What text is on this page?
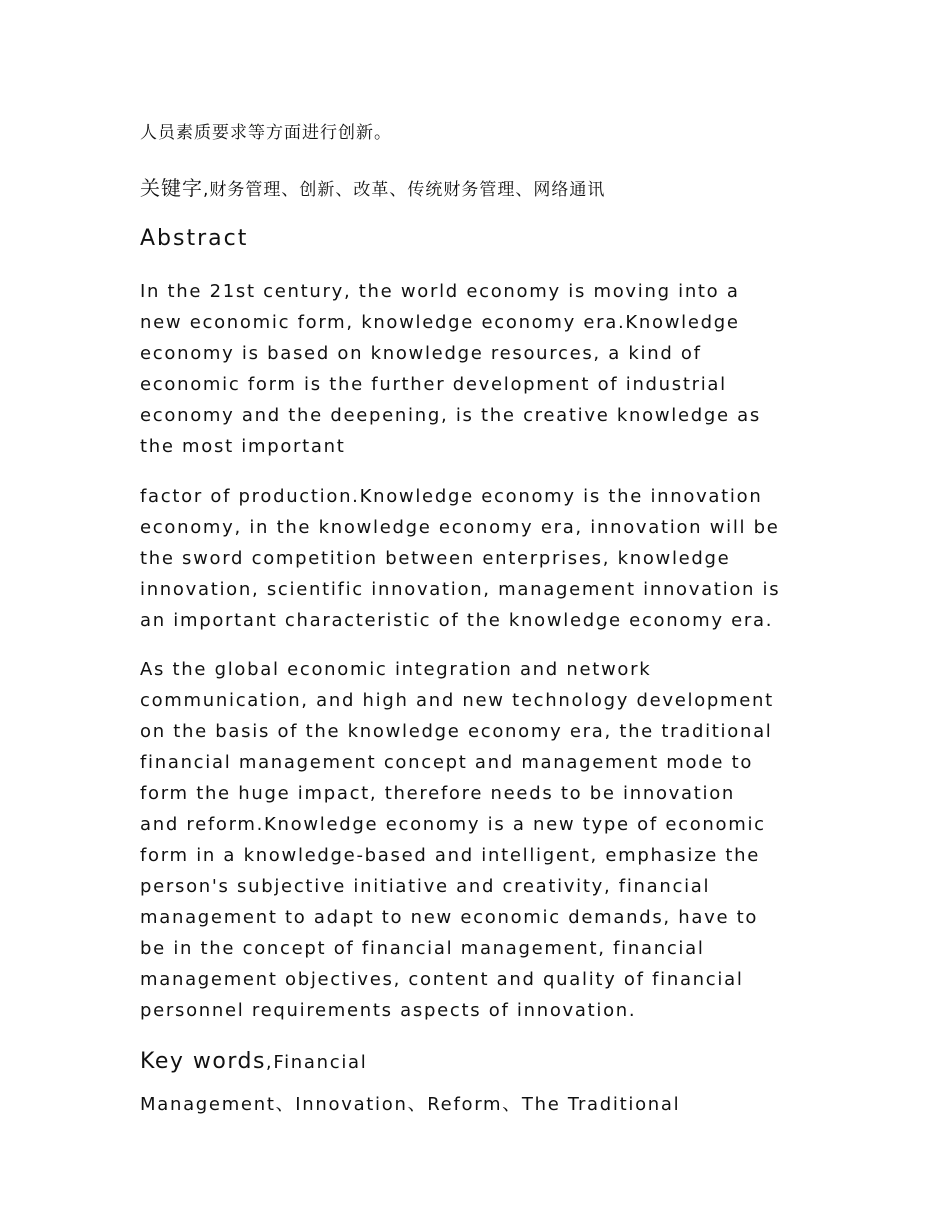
人员素质要求等方面进行创新。
关键字,财务管理、创新、改革、传统财务管理、网络通讯
Abstract

In the 21st century, the world economy is moving into a
new economic form, knowledge economy era.Knowledge
economy is based on knowledge resources, a kind of
economic form is the further development of industrial
economy and the deepening, is the creative knowledge as
the most important

factor of production.Knowledge economy is the innovation
economy, in the knowledge economy era, innovation will be
the sword competition between enterprises, knowledge
innovation, scientific innovation, management innovation is
an important characteristic of the knowledge economy era.

As the global economic integration and network
communication, and high and new technology development
on the basis of the knowledge economy era, the traditional
financial management concept and management mode to
form the huge impact, therefore needs to be innovation
and reform.Knowledge economy is a new type of economic
form in a knowledge-based and intelligent, emphasize the
person's subjective initiative and creativity, financial
management to adapt to new economic demands, have to
be in the concept of financial management, financial
management objectives, content and quality of financial
personnel requirements aspects of innovation.

Key words,Financial
Management、Innovation、Reform、The Traditional
